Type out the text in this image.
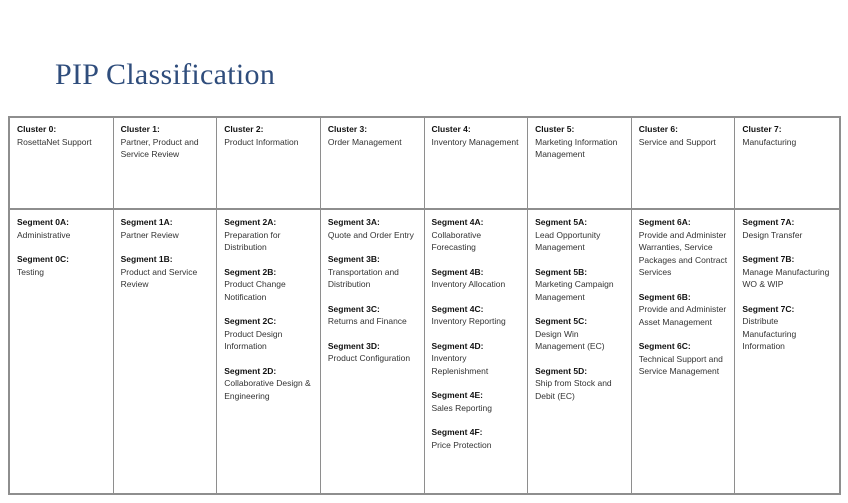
PIP Classification
Cluster 0:
RosettaNet Support
Cluster 1:
Partner, Product and Service Review
Cluster 2:
Product Information
Cluster 3:
Order Management
Cluster 4:
Inventory Management
Cluster 5:
Marketing Information Management
Cluster 6:
Service and Support
Cluster 7:
Manufacturing
Segment 0A:
Administrative
Segment 0C:
Testing
Segment 1A:
Partner Review
Segment 1B:
Product and Service Review
Segment 2A:
Preparation for Distribution
Segment 2B:
Product Change Notification
Segment 2C:
Product Design Information
Segment 2D:
Collaborative Design & Engineering
Segment 3A:
Quote and Order Entry
Segment 3B:
Transportation and Distribution
Segment 3C:
Returns and Finance
Segment 3D:
Product Configuration
Segment 4A:
Collaborative Forecasting
Segment 4B:
Inventory Allocation
Segment 4C:
Inventory Reporting
Segment 4D:
Inventory Replenishment
Segment 4E:
Sales Reporting
Segment 4F:
Price Protection
Segment 5A:
Lead Opportunity Management
Segment 5B:
Marketing Campaign Management
Segment 5C:
Design Win Management (EC)
Segment 5D:
Ship from Stock and Debit (EC)
Segment 6A:
Provide and Administer Warranties, Service Packages and Contract Services
Segment 6B:
Provide and Administer Asset Management
Segment 6C:
Technical Support and Service Management
Segment 7A:
Design Transfer
Segment 7B:
Manage Manufacturing WO & WIP
Segment 7C:
Distribute Manufacturing Information
